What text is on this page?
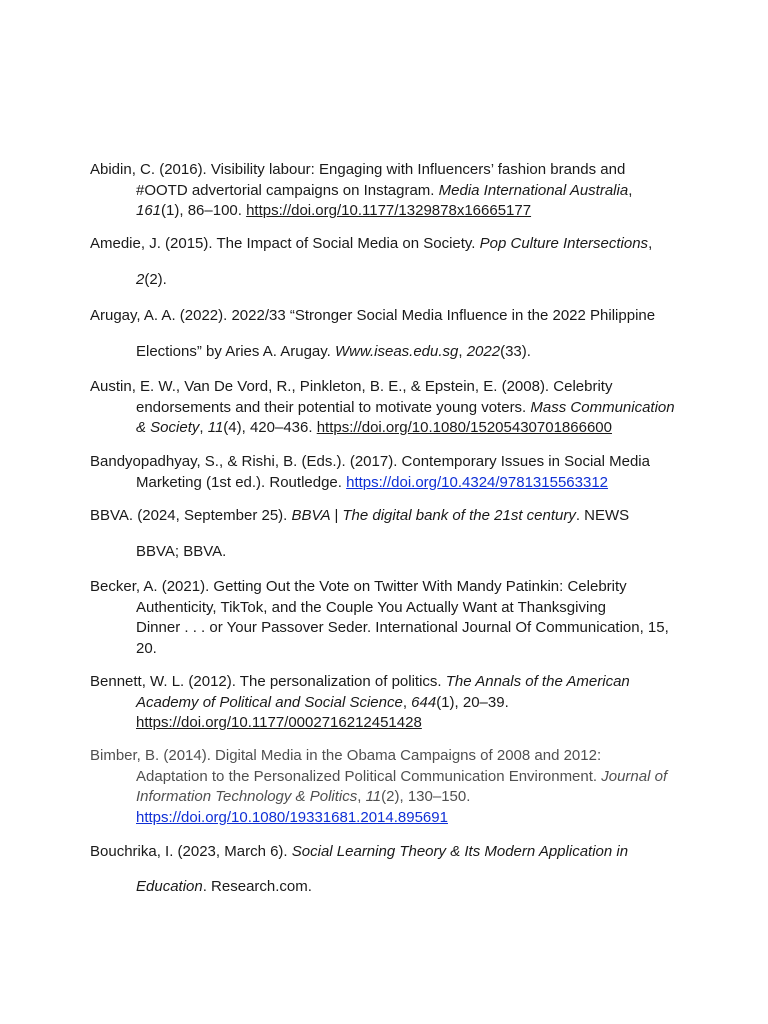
Abidin, C. (2016). Visibility labour: Engaging with Influencers’ fashion brands and
#OOTD advertorial campaigns on Instagram. Media International Australia,
161(1), 86–100. https://doi.org/10.1177/1329878x16665177
Amedie, J. (2015). The Impact of Social Media on Society. Pop Culture Intersections,
2(2).
Arugay, A. A. (2022). 2022/33 “Stronger Social Media Influence in the 2022 Philippine
Elections” by Aries A. Arugay. Www.iseas.edu.sg, 2022(33).
Austin, E. W., Van De Vord, R., Pinkleton, B. E., & Epstein, E. (2008). Celebrity
endorsements and their potential to motivate young voters. Mass Communication
& Society, 11(4), 420–436. https://doi.org/10.1080/15205430701866600
Bandyopadhyay, S., & Rishi, B. (Eds.). (2017). Contemporary Issues in Social Media
Marketing (1st ed.). Routledge. https://doi.org/10.4324/9781315563312
BBVA. (2024, September 25). BBVA | The digital bank of the 21st century. NEWS
BBVA; BBVA.
Becker, A. (2021). Getting Out the Vote on Twitter With Mandy Patinkin: Celebrity
Authenticity, TikTok, and the Couple You Actually Want at Thanksgiving
Dinner . . . or Your Passover Seder. International Journal Of Communication, 15,
20.
Bennett, W. L. (2012). The personalization of politics. The Annals of the American
Academy of Political and Social Science, 644(1), 20–39.
https://doi.org/10.1177/0002716212451428
Bimber, B. (2014). Digital Media in the Obama Campaigns of 2008 and 2012:
Adaptation to the Personalized Political Communication Environment. Journal of
Information Technology & Politics, 11(2), 130–150.
https://doi.org/10.1080/19331681.2014.895691
Bouchrika, I. (2023, March 6). Social Learning Theory & Its Modern Application in
Education. Research.com.
